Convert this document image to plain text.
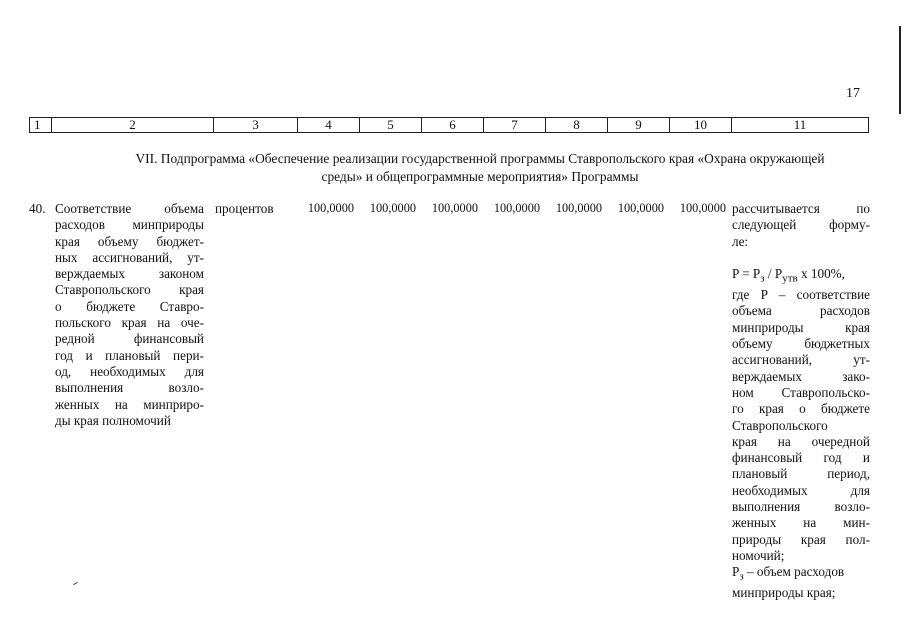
17
1	2	3	4	5	6	7	8	9	10	11
VII. Подпрограмма «Обеспечение реализации государственной программы Ставропольского края «Охрана окружающей
среды» и общепрограммные мероприятия» Программы
40. Соответствие объема
расходов минприроды
края объему бюджет-
ных ассигнований, ут-
верждаемых законом
Ставропольского края
о бюджете Ставро-
польского края на оче-
редной финансовый
год и плановый пери-
од, необходимых для
выполнения возло-
женных на минприро-
ды края полномочий
процентов	100,0000	100,0000	100,0000	100,0000	100,0000	100,0000	100,0000 рассчитывается по
следующей форму-
ле:
$P = P_з / P_{утв}$ x 100%,
где P – соответствие
объема расходов
минприроды края
объему бюджетных
ассигнований, ут-
верждаемых зако-
ном Ставропольско-
го края о бюджете
Ставропольского
края на очередной
финансовый год и
плановый период,
необходимых для
выполнения возло-
женных на мин-
природы края пол-
номочий;
$P_з$ – объем расходов
минприроды края;
